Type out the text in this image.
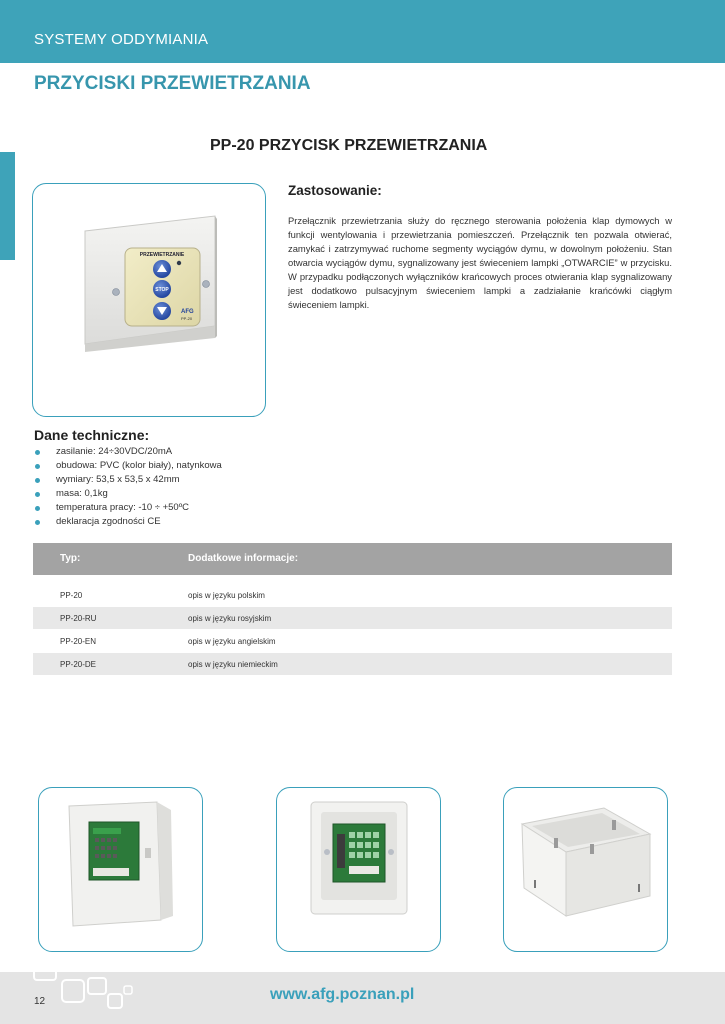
SYSTEMY ODDYMIANIA
PRZYCISKI PRZEWIETRZANIA
PP-20 PRZYCISK PRZEWIETRZANIA
PRZEWIETRZANIE
STOP
AFG
PP-20
Zastosowanie:
Przełącznik przewietrzania służy do ręcznego sterowania położenia klap dymowych w funkcji wentylowania i przewietrzania pomieszczeń. Przełącznik ten pozwala otwierać, zamykać i zatrzymywać ruchome segmenty wyciągów dymu, w dowolnym położeniu. Stan otwarcia wyciągów dymu, sygnalizowany jest świeceniem lampki „OTWARCIE” w przycisku. W przypadku podłączonych wyłączników krańcowych proces otwierania klap sygnalizowany jest dodatkowo pulsacyjnym świeceniem lampki a zadziałanie krańcówki ciągłym świeceniem lampki.
Dane techniczne:
zasilanie: 24÷30VDC/20mA
obudowa: PVC (kolor biały), natynkowa
wymiary: 53,5 x 53,5 x 42mm
masa: 0,1kg
temperatura pracy: -10 ÷ +50ºC
deklaracja zgodności CE
Typ:	Dodatkowe informacje:
PP-20	opis w języku polskim
PP-20-RU	opis w języku rosyjskim
PP-20-EN	opis w języku angielskim
PP-20-DE	opis w języku niemieckim
12	www.afg.poznan.pl
